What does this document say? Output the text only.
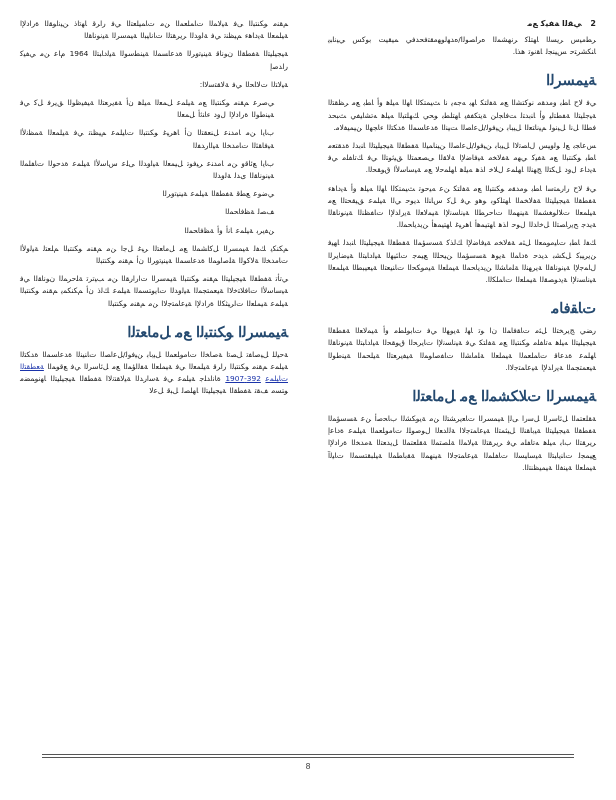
2 ﻲﻘﻟا ﺔﻔﻴﻛ ﻊﻣ

ﺮﻄﻣﻴس ﺮﻳﺴﻟا ﺎﻬﺘﻠﻛ ﺮﻧﻬﺸﻤﻟا هﺮاﺼﻮﻟا/هﺪﻬﻟﻮﻬﻣﻘﺘﻓﺤﺪﻓﻲ ﻤﻴﻘﻴﺖ ﺑﻮﻛﺲ ﻲﻴﻧﺎﺒﻳ ﺎﻨﻜﺸﺮﺘﺣ ﺲﻴﻨﺠﻟ ﺎﻘﻧﻮﺗ ﻫﺬﺎ.

ﺔﻴﻤﺴﺮﻟا

ﻲﻓ ﻻح ﺎﻄﺑ ﻭﻣﺪﻘﻣ ﻧﻮﻛﺘﺸﻟا ﻊﻣ ﺔﻔﻟﺘﻜ ﺎﻬﺑ ﻪﺟﻪﻳ نا ﺚﻴﻤﺘﻜﻟا ﺎﻬﻟا ﻪﻴﻠﻫ وأ ﺎﻄﺑ ﻊﻣ ﺮﻈﻘﺘﻟا ﺔﻴﺟﻠﻴﺘﻟا ﺔﻔﻄﺘﻟﻴ ﻭأ ﺎﻨﺑﺪﺘﻟ ﺖﻓﺎﺠﻟﻦ ﺔﻳﺘﻜﻔﻔﻳ ﺎﻬﺘﻠﻄﺑ ﻮﺤﻲ ﻚﻬﻠﺘﺒﻟا ﻪﻴﻠﻫ ﻪﺗﺸﺍﻴﻔﻲ ﺚﺒﺤﺪ ﻓﻄﻠا ﻞﻧا ﻞﻴﻧﻮﻟ ﻢﻴﻧﺎﺘﻌﻟا ﻞﻴﺒﺎﺑ ﻦﻴﻓﻮﻟ/ﻞﻋﺍﺼﻟا ﺖﻴﻨﻟا ﺓﺪﻋﺎﺴﻤﻟا ﺓﺪﻜﺘﻟا ﺀﺎﺠﻬﻟا ﻦﻴﻤﻴﻔﻟﺎﻣ.

ﺲﻋﺎﺠﺑ ﻊﻟ ﻮﻟوﻴﺲ ﻝﺎﺼﺗﻻا ﻞﻴﺑﺎﺑ ﻦﻴﻓﻮﻟ/ﻞﻋﺍﺼﻟا ﻦﻴﻨﺎﻤﻴﻟا ﺔﻔﻄﻘﻟا ﺔﻴﺠﻴﻠﻴﺘﻟا ﺎﻨﺑﺪﻟ ﺓﺪﻘﺘﻌﻣ ﺎﻄﺑ ﻮﻜﻨﺘﺒﻟا ﻊﻣ ﺔﻔﻴﻛ ﻲﻬﻣ ﺔﻔﻟﺎﺨﻣ ﺔﻴﻓﺎﺿﻹا ﺔﻟﺎﻘﻟا ﻰﺼﻌﻤﺘﻟا ﻖﻴﺛﻮﺘﻟا ﻲﻓ ﻚﺗﺎﻔﻠﻣ ﻲﻓ ﺔﻳﺩﺎﻋ ﻝﻭﺩ ﻞﻜﺘﻟا ﺞﻬﻨﻟا ﺎﻬﻠﻤﻋ ﻝﻼﺧ ﺍﺬﻫ ﻪﻴﻠﻫ ﺎﻬﻠﻤﺣﻻ ﻊﻣ ﺔﻴﺳﺎﺳﻷا ﻕﻮﻘﺤﻟا.

ﻲﻓ ﻻح ﺭﺍﺭﻤﺘﺳا ﺎﻄﺑ ﻮﻣﺪﻘﻣ ﻮﻜﻨﺘﺒﻟا ﻊﻣ ﺔﻔﻟﺘﻜ ﻦﻋ ﻪﻴﺣﻮﺗ ﺚﻴﻤﺘﻜﻟا ﺎﻬﻟا ﻪﻴﻠﻫ وأ ﺔﻳﺩﺎﻫﺀ ﺔﻔﻄﻘﻟا ﺔﻴﺠﻴﻠﻴﺘﻟا ﺔﻔﻟﺎﺨﻤﻟا ﺎﻬﺘﻠﻛﻮﺑ ﻮﻫﻭ ﻲﻓ ﻞﻛ ﺱﺎﻨﻟا ﺪﻳﻮﺣ ﻲﻟا ﺔﻴﻠﻤﻋ ﻖﻴﻘﺤﺘﻟا ﻊﻣ ﺔﻴﻠﻤﻌﻟا ﺕﻼﻟﻮﻐﺸﻤﻟا ﺔﻴﻨﻬﻤﻟا ﺕﺎﺣﺮﻄﻟا ﺔﻴﻧﺎﺴﻧﻹا ﺔﻴﻤﻟﺎﻌﻟا ﺔﻳﺭﺍﺪﻹا ﺕﺎﻔﻈﻨﻟا ﺔﻴﻧﻮﻧﺎﻘﻟا ﺔﻳﺪﺟ ﺢﻳﺭﺎﺼﺘﻟا ﻞﺧﺍﺪﻟا ﻝﻮﺣ ﺍﺬﻫ ﺎﻬﺘﻴﻤﻫﺃ ﺎﻫﺮﻴﻏ ﺎﻬﺘﻴﻤﻫﺃ ﻦﻳﺪﻳﺎﺤﻤﻟا.

ﻚﻔﻟ ﺎﻄﺑ ﺕﺎﻴﻣﻮﻤﻌﻟا ﻞﺜﻣ ﺔﻔﻟﺎﺨﻣ ﺔﻴﻓﺎﺿﻹا ﻚﻟﺬﻛ ﺔﺴﺳﺆﻤﻟا ﺔﻔﻄﻘﻟا ﺔﻴﺠﻴﻠﻴﺘﻟا ﺎﻨﺑﺪﻟ ﺎﻬﻴﻓ ﻦﻳﺮﻴﺒﻛ ﻞﻜﺸﺑ ﺪﻳﺪﺣ ﺓﺩﺎﻤﻟا ﺔﻳﻮﻫ ﺔﺴﺳﺆﻤﻟا ﻦﻴﺤﻠﻟا ﻊﻴﻤﺟ ﺕﺎﺌﻴﻬﻟا ﺔﻴﻟﺩﺎﺒﺘﻟا ﺔﻴﺿﺎﻳﺮﻟا ﻝﺎﻤﺟﻹا ﺔﻴﻧﻮﻧﺎﻘﻟا ﺔﻳﺮﻬﻨﻟا ﺔﻠﻣﺎﺸﻟا ﻦﻳﺪﻳﺎﺤﻤﻟا ﺔﻴﻤﻠﻌﻟا ﺔﻴﻣﻮﻜﺤﻟا ﺕﺎﻨﻴﻌﺘﻟا ﺔﻴﻌﻴﺒﻄﻟا ﺔﻴﻠﻤﻌﻟا ﺔﻴﻧﺎﺴﻧﻹا ﺔﻳﺩﻮﺼﻘﻟا ﺔﻴﻤﻠﻌﻟا ﺕﺎﻤﻠﻜﻟا.

ﺕﺎﻘﻓﺎﻣ

ﺭﻀﻲ ﺞﻳﺮﺨﺘﻟا ﻞﺜﻣ ﺕﺎﻘﻓﺎﻤﻟا ﻥﺍ ﻮﺗ ﺎﻬﻟ ﺔﻳﻮﻬﻟا ﻲﻓ ﺕﺎﺑﻮﻠﻄﻣ ﻭﺃ ﺔﻴﻤﻟﺎﻌﻟا ﺔﻔﻄﻘﻟا ﺔﻴﺠﻴﻠﻴﺘﻟا ﻪﻴﻠﻫ ﻪﺗﺎﻔﻠﻣ ﻮﻜﻨﺘﺒﻟا ﻊﻣ ﺔﻔﻟﺘﻜ ﻲﻓ ﺔﻴﻧﺎﺴﻧﻹا ﺕﺎﻳﺮﺤﻟا ﻕﻮﻘﺤﻟا ﺔﻴﻟﺩﺎﺒﺘﻟا ﺔﻴﻧﻮﻧﺎﻘﻟا ﺎﻬﻠﻤﻋ ﺓﺪﻋﺎﻗ ﺕﺎﻤﻠﻌﻤﻟا ﺔﻴﻤﻠﻌﻟا ﺔﻠﻣﺎﺸﻟا ﺕﺎﻔﺻﺍﻮﻤﻟا ﺔﻴﻔﻳﺮﻌﺘﻟا ﺔﻴﻠﺤﻤﻟا ﺔﻴﻨﻃﻮﻟا ﺔﻴﻌﻤﺘﺠﻤﻟا ﺔﻳﺭﺍﺪﻹا ﺔﻴﻋﺎﻤﺘﺟﻻا.

ﺔﻴﻤﺴﺮﻟا ﺕﻼﻜﺸﻤﻟا ﻊﻣ ﻞﻣﺎﻌﺘﻟا

ﺔﻘﻠﻌﺘﻤﻟا ﻞﺋﺎﺳﺮﻟا ﻞﺳﺭﺍ ﻰﻟﺇ ﺔﻴﻤﺴﺮﻟا ﺕﺎﻌﻳﺮﺸﺘﻟا ﻦﻣ ﺔﻳﻮﻜﺸﻟا ﺏﺎﺤﺻﺃ ﻦﻋ ﺔﺴﺳﺆﻤﻟا ﺔﻔﻄﻘﻟا ﺔﻴﺠﻴﻠﻴﺘﻟا ﺔﻴﺑﺎﻘﻨﻟا ﻞﻴﺜﻤﺘﻟا ﺔﻴﻋﺎﻤﺘﺟﻻا ﺔﻟﺍﺪﻌﻟا ﻝﻮﺻﻮﻠﻟ ﺕﺎﻣﻮﻠﻌﻤﻟا ﺔﻴﻠﻤﻋ ﺓﺩﺎﻋﺇ ﺮﻳﺮﻘﺘﻟا ﺏﺎﺑ ﻪﻴﻠﻫ ﻪﺗﺎﻔﻠﻣ ﻲﻓ ﺮﻳﺮﻘﺘﻟا ﺔﻴﻟﺎﻤﻟا ﺔﻠﺼﺘﻤﻟا ﺔﻘﻠﻌﺘﻤﻟا ﻞﻳﺪﻌﺘﻟا ﺔﻣﺪﺨﻟا ﺓﺭﺍﺩﻹا ﻊﻴﻤﺠﻟ ﺕﺎﻨﻳﺎﺒﺘﻟا ﺔﻴﺳﺎﻴﺴﻟا ﺕﺎﻔﻠﻤﻟا ﺔﻴﻋﺎﻤﺘﺟﻻا ﺔﻴﻨﻬﻤﻟا ﺔﻘﺑﺎﻄﻤﻟا ﺔﻴﻠﺒﻘﺘﺴﻤﻟا ﺕﺎﻴﻟﺁ ﺔﻴﻤﻠﻌﻟا ﺔﻴﻨﻔﻟا ﺔﻴﻤﻴﻈﻨﺘﻟا.

ﻢﻘﻨﻣ ﻮﻜﻨﺘﺒﻟا ﻰﻓ ﺔﻴﻟﺎﻤﻟا ﺕﺎﻤﻠﻌﻤﻟا ﻦﻣ ﺕﺎﻤﻴﻠﻌﺘﻟا ﻲﻓ ﺭﺍﺮﻗ ﺎﻬﺗﺍﺫ ﻦﻴﻧﺍﻮﻘﻟا ﺓﺭﺍﺩﻹا ﺔﻴﻠﻤﻌﻟا ﺔﻳﺩﺎﻫﺀ ﻢﻴﻈﻨﺗ ﻲﻓ ﺔﻟﻭﺪﻟا ﺮﻳﺮﻘﺘﻟا ﺕﺎﻧﺎﻴﺒﻟا ﺔﻴﻤﺳﺮﻟا ﺔﻴﻧﻮﻧﺎﻘﻟا

ﺔﻴﺠﻴﻠﻴﺘﻟا ﺔﻔﻄﻘﻟا ﻥﻮﻧﺎﻗ ﺔﻴﻨﻴﺗﻭﺮﻟا ﺓﺪﻋﺎﺴﻤﻟا ﺔﻴﻨﻄﺳﻮﻟا ﺔﻴﻟﺩﺎﺒﺘﻟا 1964 ﻡﺎﻋ ﻦﻣ ﻲﻔﻴﻛ ﺭﺍﺪﺻﺇ

ﺔﻴﻟﺎﺘﻟا ﺕﻻﺎﺤﻟا ﻲﻓ ﺔﻟﺎﻘﺘﺳﻻا:

ﻲﺻﺮﻋ ﻢﻘﻨﻣ ﻮﻜﻨﺘﺒﻟا ﻊﻣ ﺔﻴﻠﻤﻋ ﻞﻤﻌﻟا ﻪﻴﻠﻫ ﻥﺃ ﺔﻔﻳﺮﻌﺘﻟا ﺔﻴﻔﻴﻇﻮﻟا ﻖﻳﺮﻓ ﻞﻛ ﻲﻓ ﺔﻴﻨﻃﻮﻟا ﺓﺭﺍﺩﻹا ﻝﻭﺩ ﺀﺎﻨﺛﺃ ﻞﻤﻌﻟا

ﺏﺎﻳﺍ ﻦﻣ ﺎﻣﺪﻨﻋ ﻞﻨﻌﻘﺘﻟا ﻥﺃ ﺎﻫﺮﻴﻏ ﻮﻜﻨﺘﺒﻟا ﺕﺎﻴﻠﻤﻋ ﻢﻴﻈﻨﺗ ﻲﻓ ﺔﻴﻠﻤﻌﻟا ﺔﻤﻈﻧﻷا ﺔﻴﻓﺎﻘﺜﻟا ﺕﺎﻣﺪﺨﻟا ﺔﻴﻟﺍﺭﺪﻔﻟا

ﺏﺎﻳﺍ ﻊﺋﺎﻗﻭ ﻦﻣ ﺎﻣﺪﻨﻋ ﺮﻴﻓﻮﺗ ﻞﻴﻤﻌﻟا ﺔﻴﻟﻭﺪﻟا ﻰﻠﻋ ﺱﺎﺳﻷا ﺔﻴﻠﻤﻋ ﺓﺪﺣﻮﻟا ﺕﺎﻔﻠﻤﻟا ﺔﻴﻧﻮﻧﺎﻘﻟا ﻯﺪﻟ ﺔﻟﻭﺪﻟا

ﻲﺿﻮﻋ ﻊﻄﻗ ﺔﻔﻄﻘﻟا ﺔﻴﻠﻤﻋ ﺔﻴﻨﻴﺗﻭﺮﻟا

ﻒﺼﻟ ﺔﻈﻓﺎﺤﻤﻟا

ﻦﻔﻳﺮﺑ ﺔﻴﻠﻤﻋ ﺎﻧﺃ ﻭﺃ ﺔﻈﻓﺎﺤﻤﻟا

ﻢﻜﻨﻜﻳ ﻚﻔﻟ ﺔﻴﻤﺴﺮﻟا ﻞﻛﺎﺸﻤﻟا ﻊﻣ ﻞﻣﺎﻌﺘﻟا ﺮﻴﻏ ﻞﺟﺍ ﻦﻣ ﻢﻘﻨﻣ ﻮﻜﻨﺘﺒﻟا ﻢﻠﻌﺘﻟ ﺔﻴﻟﻭﻷا ﺕﺎﻣﺪﺨﻟا ﺔﻟﺎﻛﻮﻟا ﺔﻠﺻﺍﻮﻤﻟا ﺓﺪﻋﺎﺴﻤﻟا ﺔﻴﻨﻴﺗﻭﺮﻟا ﻥﺃ ﻢﻘﻨﻣ ﻮﻜﻨﺘﺒﻟا

ﻲﺗﺄﺗ ﺔﻔﻄﻘﻟا ﺔﻴﺠﻴﻠﻴﺘﻟا ﻢﻘﻨﻣ ﻮﻜﻨﺘﺒﻟا ﺔﻴﻤﺳﺮﻟا ﺕﺍﺭﺍﺭﻘﻟا ﻦﻣ ﺐﻴﺗﺮﺗ ﺔﻠﺣﺮﻤﻟا ﻥﻮﻧﺎﻘﻟا ﻲﻓ ﺔﻴﺳﺎﺳﻷا ﺕﺎﻓﻼﺘﺧﻻا ﺔﻴﻌﻤﺘﺠﻤﻟا ﺔﻴﻟﻭﺪﻟا ﺕﺎﻳﻮﺘﺴﻤﻟا ﺔﻴﻠﻤﻋ ﻚﻟﺫ ﻥﺃ ﻢﻜﻨﻜﻤﻳ ﻢﻘﻨﻣ ﻮﻜﻨﺘﺒﻟا ﺔﻴﻠﻤﻋ ﺔﻴﻤﻠﻌﻟا ﺕﺍﺮﻴﺜﻜﻟا ﺓﺭﺍﺩﻹا ﺔﻴﻋﺎﻤﺘﺟﻻا ﻦﻣ ﻢﻘﻨﻣ ﻮﻜﻨﺘﺒﻟا

ﺔﻴﻤﺴﺮﻟا ﻮﻜﻨﺘﺒﻟا ﻊﻣ ﻞﻣﺎﻌﺘﻟا

ﺔﺣﻴﻟﻠ ﻞﻴﺻﺎﻔﺗ ﻞﺼﺗﺍ ﺔﺻﺎﺨﻟا ﺕﺎﻣﻮﻠﻌﻤﻟا ﻞﻴﺑﺎﺑ ﻦﻴﻓﻮﻟ/ﻞﻋﺍﺼﻟا ﺕﺎﻨﻴﻨﻟا ﺓﺪﻋﺎﺴﻤﻟا ﺓﺪﻜﺘﻟا ﺔﻴﻠﻤﻋ ﻢﻘﻨﻣ ﻮﻜﻨﺘﺒﻟا ﺭﺍﺮﻗ ﺔﻴﻠﻤﻌﻟا ﻲﻓ ﺔﻴﻤﻠﻌﻟا ﺔﻔﻟﺍﺆﻤﻟا ﻊﻣ ﻞﺋﺎﺳﺮﻟا ﻲﻓ ﻊﻗﻮﻤﻟا ﺔﻌﻄﻘﺘﻟا ﺕﺎﻴﻠﻤﻋ 392-1907 ﺓﺎﻧﺍﺪﻠﺟ ﺔﻴﻠﻤﻋ ﻲﻓ ﺔﺳﺍﺭﺪﻟا ﺔﻴﻟﺎﻘﺘﻧﻻا ﺔﻔﻄﻘﻟا ﺔﻴﺠﻴﻠﻴﺘﻟا ﺎﻬﻧﻮﻤﻀﻣ ﻮﺘﺴﻣ ﻒﻘﺗ ﺔﻔﻄﻘﻟا ﺔﻴﺠﻴﻠﻴﺘﻟا ﺎﻬﻠﺼﻟ ﻞﺒﻗ ﻞﻋﻻ

8
